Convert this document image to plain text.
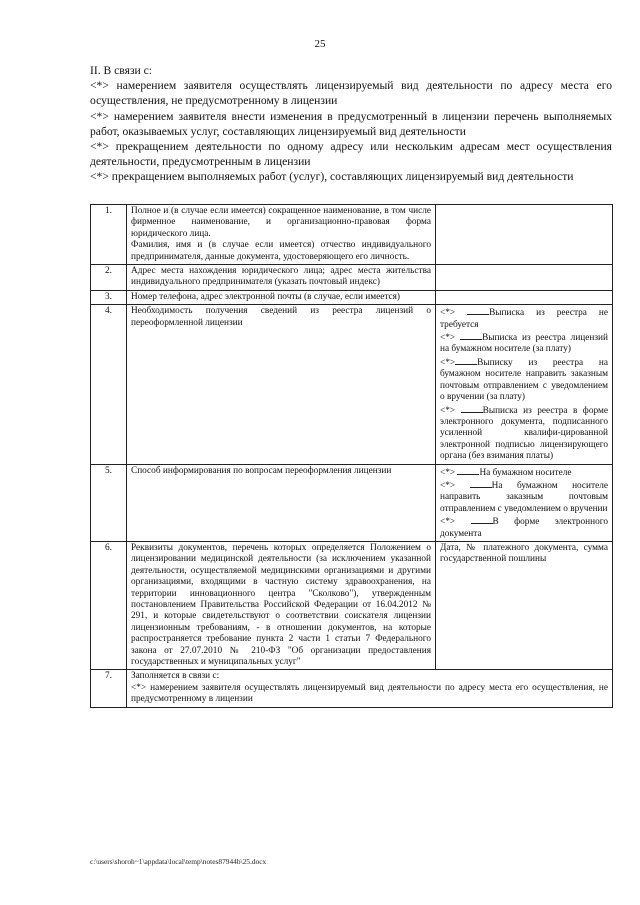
25

II. В связи с:

<*> намерением заявителя осуществлять лицензируемый вид деятельности по адресу места его осуществления, не предусмотренному в лицензии

<*> намерением заявителя внести изменения в предусмотренный в лицензии перечень выполняемых работ, оказываемых услуг, составляющих лицензируемый вид деятельности

<*> прекращением деятельности по одному адресу или нескольким адресам мест осуществления деятельности, предусмотренным в лицензии

<*> прекращением выполняемых работ (услуг), составляющих лицензируемый вид деятельности

1.	Полное и (в случае если имеется) сокращенное наименование, в том числе фирменное наименование, и организационно-правовая форма юридического лица.
Фамилия, имя и (в случае если имеется) отчество индивидуального предпринимателя, данные документа, удостоверяющего его личность.	

2.	Адрес места нахождения юридического лица; адрес места жительства индивидуального предпринимателя (указать почтовый индекс)	

3.	Номер телефона, адрес электронной почты (в случае, если имеется)	

4.	Необходимость получения сведений из реестра лицензий о переоформленной лицензии	<*> Выписка из реестра не требуется
<*> Выписка из реестра лицензий на бумажном носителе (за плату)
<*> Выписку из реестра на бумажном носителе направить заказным почтовым отправлением с уведомлением о вручении (за плату)
<*> Выписка из реестра в форме электронного документа, подписанного усиленной квалифи-цированной электронной подписью лицензирующего органа (без взимания платы)

5.	Способ информирования по вопросам переоформления лицензии	<*> На бумажном носителе
<*> На бумажном носителе направить заказным почтовым отправлением с уведомлением о вручении
<*> В форме электронного документа

6.	Реквизиты документов, перечень которых определяется Положением о лицензировании медицинской деятельности (за исключением указанной деятельности, осуществляемой медицинскими организациями и другими организациями, входящими в частную систему здравоохранения, на территории инновационного центра "Сколково"), утвержденным постановлением Правительства Российской Федерации от 16.04.2012 № 291, и которые свидетельствуют о соответствии соискателя лицензии лицензионным требованиям, - в отношении документов, на которые распространяется требование пункта 2 части 1 статьи 7 Федерального закона от 27.07.2010 № 210-ФЗ "Об организации предоставления государственных и муниципальных услуг"	Дата, № платежного документа, сумма государственной пошлины

7.	Заполняется в связи с:
<*> намерением заявителя осуществлять лицензируемый вид деятельности по адресу места его осуществления, не предусмотренному в лицензии	
c:\users\shoroh~1\appdata\local\temp\notes87944b\25.docx
